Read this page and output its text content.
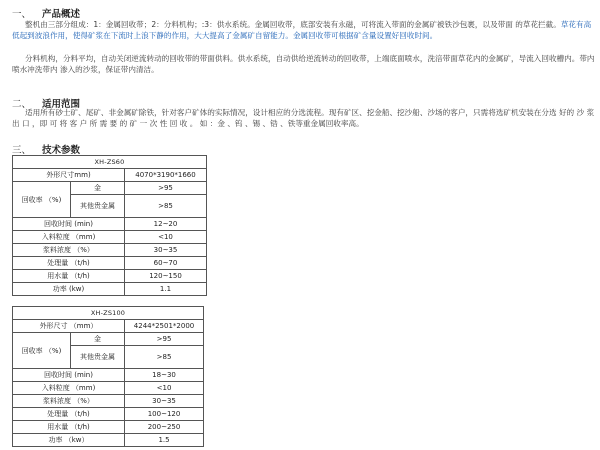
一、 产品概述

整机由三部分组成：1：金属回收带；2：分料机构；:3：供水系统。金属回收带，底部安装有永磁，可将流入带面的金属矿被铁沙包裹，以及带面 的草花拦截。草花有高低起到波浪作用，使得矿浆在下流时上浪下静的作用，大大提高了金属矿自留能力。金属回收带可根据矿含量设置好回收时间。

分料机构，分料平均，自动关闭逆流转动的回收带的带面供料。供水系统，自动供给逆流转动的回收带，上端底面喷水，洗涪带面草花内的金属矿，导流入回收槽内。带内喷水冲洗带内 渗入的沙浆，保证带内清洁。

二、 适用范围

适用所有砂士矿、尾矿、非金属矿除铁，针对客户矿体的实际情况，设计相应的分选流程。现有矿区、挖金船、挖沙船、沙场的客户，只需将选矿机安装在分选 好的 沙 浆 出 口 ，即 可 将 客 户 所 需 要 的 矿 一 次 性 回 收 。 如 ：金 、钨 、锡 、锆 、铁等重金属回收率高。

三、 技术参数
XH-ZS60		
外形尺寸mm)		4070*3190*1660
回收率 （%)	金	>95
	其他贵金属	>85
回收时间 (min)		12~20
入料粒度 （mm)		<10
浆料浓度 （%）		30~35
处理量 （t/h)		60~70
用水量 （t/h)		120~150
功率 (kw)		1.1
XH-ZS100		
外形尺寸 （mm）		4244*2501*2000
回收率 （%)	金	>95
	其他贵金属	>85
回收时间 (min)		18~30
入料粒度 （mm)		<10
浆料浓度 （%）		30~35
处理量 （t/h)		100~120
用水量 （t/h)		200~250
功率 （kw）		1.5
